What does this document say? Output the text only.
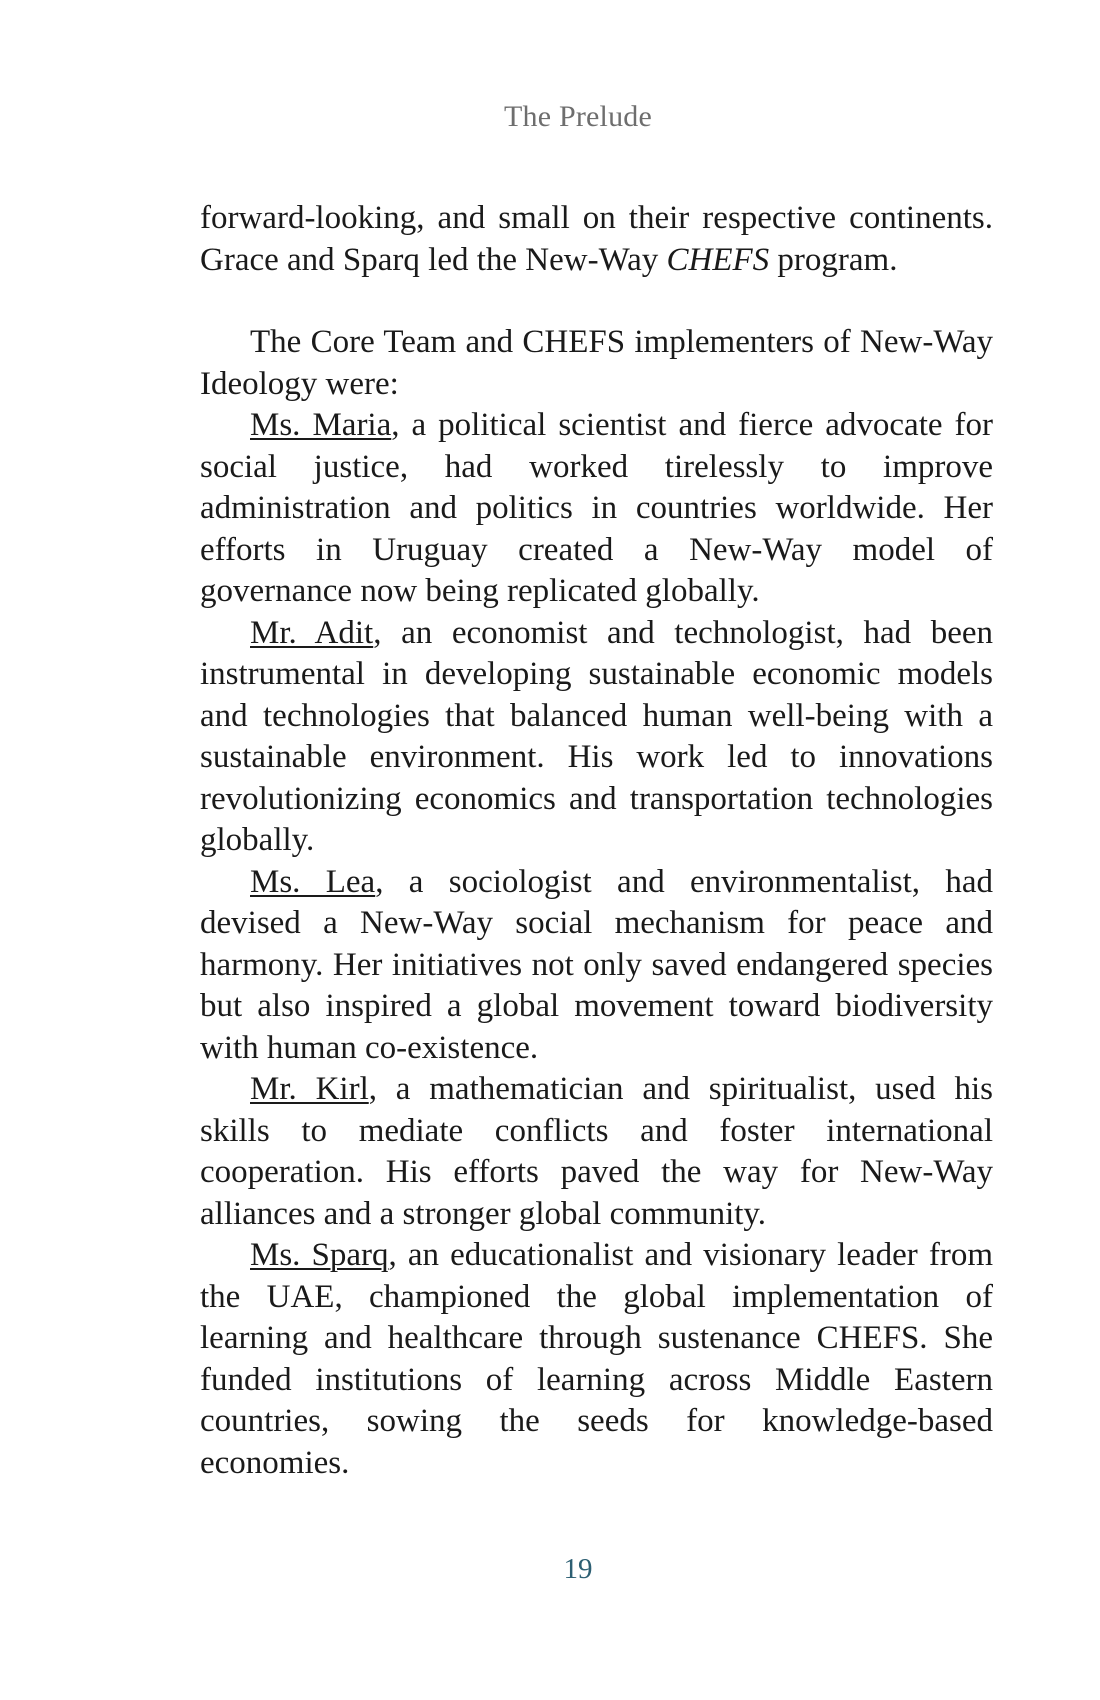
The Prelude

forward-looking, and small on their respective continents. Grace and Sparq led the New-Way CHEFS program.

The Core Team and CHEFS implementers of New-Way Ideology were:

Ms. Maria, a political scientist and fierce advocate for social justice, had worked tirelessly to improve administration and politics in countries worldwide. Her efforts in Uruguay created a New-Way model of governance now being replicated globally.

Mr. Adit, an economist and technologist, had been instrumental in developing sustainable economic models and technologies that balanced human well-being with a sustainable environment. His work led to innovations revolutionizing economics and transportation technologies globally.

Ms. Lea, a sociologist and environmentalist, had devised a New-Way social mechanism for peace and harmony. Her initiatives not only saved endangered species but also inspired a global movement toward biodiversity with human co-existence.

Mr. Kirl, a mathematician and spiritualist, used his skills to mediate conflicts and foster international cooperation. His efforts paved the way for New-Way alliances and a stronger global community.

Ms. Sparq, an educationalist and visionary leader from the UAE, championed the global implementation of learning and healthcare through sustenance CHEFS. She funded institutions of learning across Middle Eastern countries, sowing the seeds for knowledge-based economies.

19
